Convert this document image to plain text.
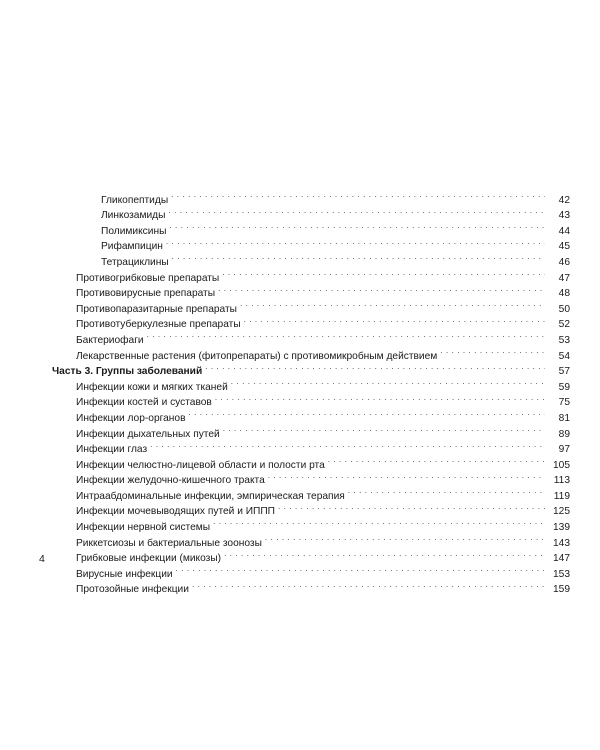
Гликопептиды . . .	42
Линкозамиды . . .	43
Полимиксины . . .	44
Рифампицин . . .	45
Тетрациклины . . .	46
Противогрибковые препараты . . .	47
Противовирусные препараты . . .	48
Противопаразитарные препараты . . .	50
Противотуберкулезные препараты . . .	52
Бактериофаги . . .	53
Лекарственные растения (фитопрепараты) с противомикробным действием . . .	54
Часть 3. Группы заболеваний . . .	57
Инфекции кожи и мягких тканей . . .	59
Инфекции костей и суставов . . .	75
Инфекции лор-органов . . .	81
Инфекции дыхательных путей . . .	89
Инфекции глаз . . .	97
Инфекции челюстно-лицевой области и полости рта . . .	105
Инфекции желудочно-кишечного тракта . . .	113
Интраабдоминальные инфекции, эмпирическая терапия . . .	119
Инфекции мочевыводящих путей и ИППП . . .	125
Инфекции нервной системы . . .	139
Риккетсиозы и бактериальные зоонозы . . .	143
Грибковые инфекции (микозы) . . .	147
Вирусные инфекции . . .	153
Протозойные инфекции . . .	159
4
